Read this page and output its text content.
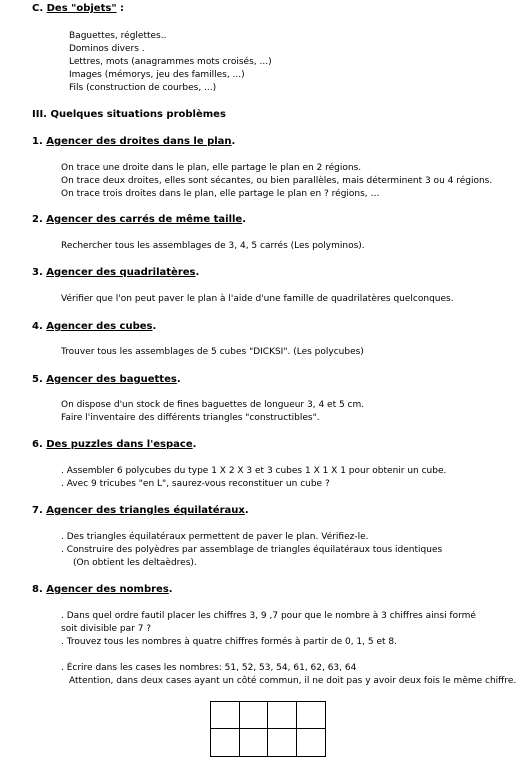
C. Des "objets" :
Baguettes, réglettes..
Dominos divers .
Lettres, mots (anagrammes mots croisés, ...)
Images (mémorys, jeu des familles, ...)
Fils (construction de courbes, ...)
III. Quelques situations problèmes
1. Agencer des droites dans le plan.
On trace une droite dans le plan, elle partage le plan en 2 régions.
On trace deux droites, elles sont sécantes, ou bien parallèles, mais déterminent 3 ou 4 régions.
On trace trois droites dans le plan, elle partage le plan en ? régions, …
2. Agencer des carrés de même taille.
Rechercher tous les assemblages de 3, 4, 5 carrés (Les polyminos).
3. Agencer des quadrilatères.
Vérifier que l'on peut paver le plan à l'aide d'une famille de quadrilatères quelconques.
4. Agencer des cubes.
Trouver tous les assemblages de 5 cubes "DICKSI". (Les polycubes)
5. Agencer des baguettes.
On dispose d'un stock de fines baguettes de longueur 3, 4 et 5 cm.
Faire l'inventaire des différents triangles "constructibles".
6. Des puzzles dans l'espace.
. Assembler 6 polycubes du type 1 X 2 X 3 et 3 cubes 1 X 1 X 1 pour obtenir un cube.
. Avec 9 tricubes "en L", saurez-vous reconstituer un cube ?
7. Agencer des triangles équilatéraux.
. Des triangles équilatéraux permettent de paver le plan. Vérifiez-le.
. Construire des polyèdres par assemblage de triangles équilatéraux tous identiques
(On obtient les deltaèdres).
8. Agencer des nombres.
. Dans quel ordre fautil placer les chiffres 3, 9 ,7 pour que le nombre à 3 chiffres ainsi formé
soit divisible par 7 ?
. Trouvez tous les nombres à quatre chiffres formés à partir de 0, 1, 5 et 8.
. Écrire dans les cases les nombres: 51, 52, 53, 54, 61, 62, 63, 64
Attention, dans deux cases ayant un côté commun, il ne doit pas y avoir deux fois le même chiffre.
